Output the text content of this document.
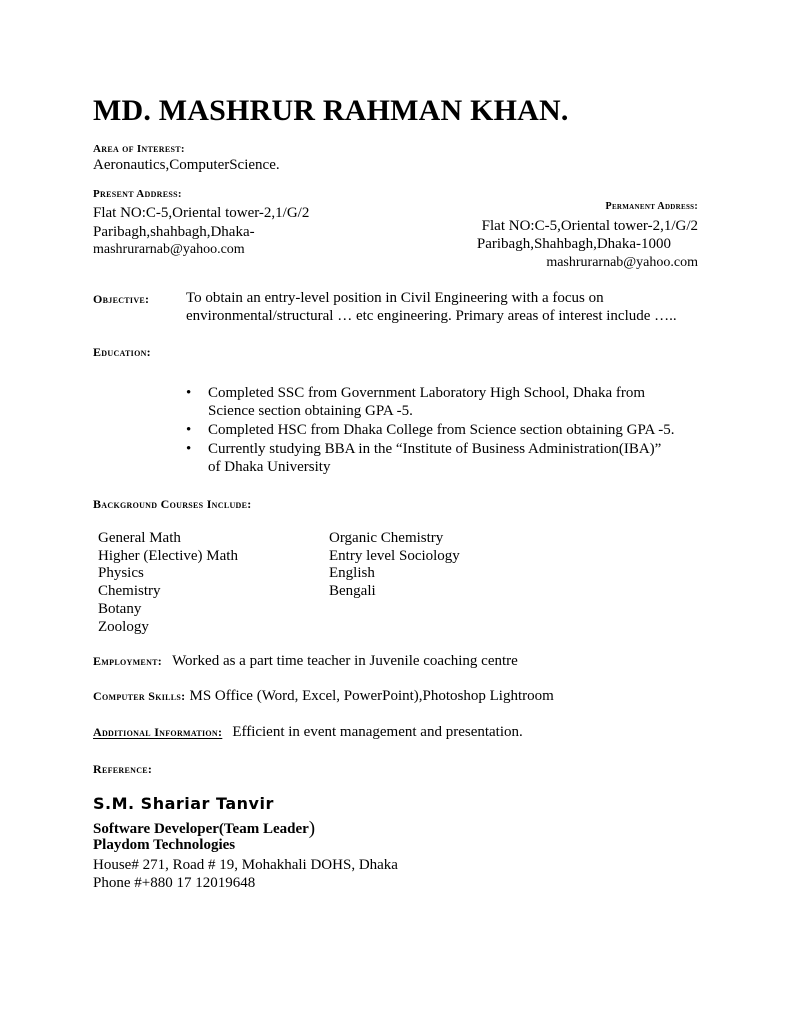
MD. MASHRUR RAHMAN KHAN.
Area of Interest:
Aeronautics,ComputerScience.
Present Address:
Flat NO:C-5,Oriental tower-2,1/G/2
Paribagh,shahbagh,Dhaka-
mashrurarnab@yahoo.com
Permanent Address:
Flat NO:C-5,Oriental tower-2,1/G/2
Paribagh,Shahbagh,Dhaka-1000
mashrurarnab@yahoo.com
Objective: To obtain an entry-level position in Civil Engineering with a focus on
environmental/structural … etc engineering. Primary areas of interest include …..
Education:
• Completed SSC from Government Laboratory High School, Dhaka from
Science section obtaining GPA -5.
• Completed HSC from Dhaka College from Science section obtaining GPA -5.
• Currently studying BBA in the “Institute of Business Administration(IBA)”
of Dhaka University
Background Courses Include:
General Math
Higher (Elective) Math
Physics
Chemistry
Botany
Zoology
Organic Chemistry
Entry level Sociology
English
Bengali
Employment: Worked as a part time teacher in Juvenile coaching centre
Computer Skills: MS Office (Word, Excel, PowerPoint),Photoshop Lightroom
Additional Information: Efficient in event management and presentation.
Reference:
S.M. Shariar Tanvir
Software Developer(Team Leader)
Playdom Technologies
House# 271, Road # 19, Mohakhali DOHS, Dhaka
Phone #+880 17 12019648
